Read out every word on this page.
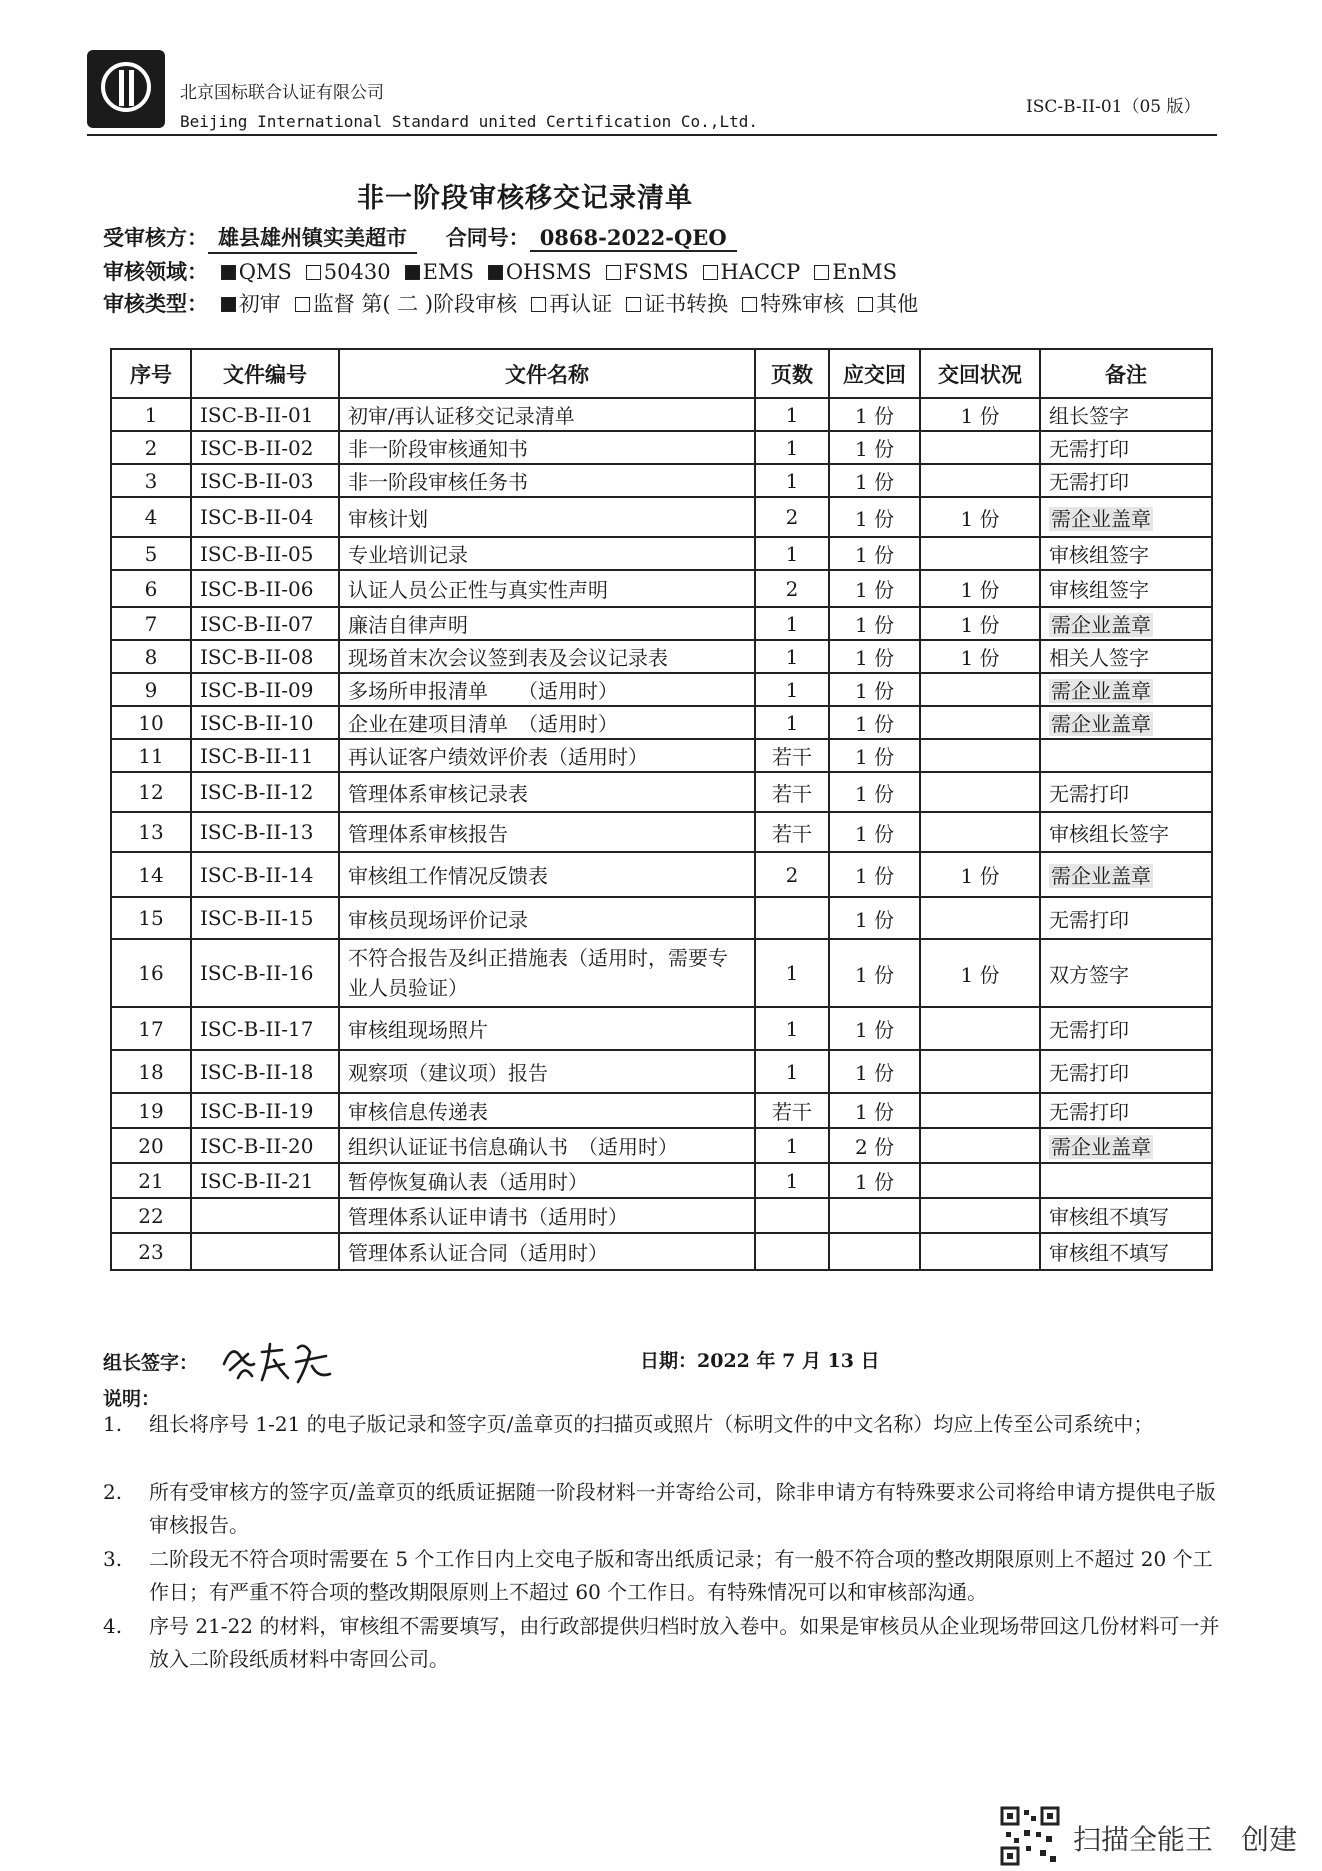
北京国标联合认证有限公司
Beijing International Standard united Certification Co.,Ltd.
ISC-B-II-01（05 版）
非一阶段审核移交记录清单
受审核方： 雄县雄州镇实美超市 合同号： 0868-2022-QEO
审核领域： QMS 50430 EMS OHSMS FSMS HACCP EnMS
审核类型： 初审 监督 第( 二 )阶段审核 再认证 证书转换 特殊审核 其他
序号	文件编号	文件名称	页数	应交回	交回状况	备注
1	ISC-B-II-01	初审/再认证移交记录清单	1	1 份	1 份	组长签字
2	ISC-B-II-02	非一阶段审核通知书	1	1 份		无需打印
3	ISC-B-II-03	非一阶段审核任务书	1	1 份		无需打印
4	ISC-B-II-04	审核计划	2	1 份	1 份	需企业盖章
5	ISC-B-II-05	专业培训记录	1	1 份		审核组签字
6	ISC-B-II-06	认证人员公正性与真实性声明	2	1 份	1 份	审核组签字
7	ISC-B-II-07	廉洁自律声明	1	1 份	1 份	需企业盖章
8	ISC-B-II-08	现场首末次会议签到表及会议记录表	1	1 份	1 份	相关人签字
9	ISC-B-II-09	多场所申报清单　　（适用时）	1	1 份		需企业盖章
10	ISC-B-II-10	企业在建项目清单　（适用时）	1	1 份		需企业盖章
11	ISC-B-II-11	再认证客户绩效评价表（适用时）	若干	1 份		
12	ISC-B-II-12	管理体系审核记录表	若干	1 份		无需打印
13	ISC-B-II-13	管理体系审核报告	若干	1 份		审核组长签字
14	ISC-B-II-14	审核组工作情况反馈表	2	1 份	1 份	需企业盖章
15	ISC-B-II-15	审核员现场评价记录		1 份		无需打印
16	ISC-B-II-16	不符合报告及纠正措施表（适用时，需要专业人员验证）	1	1 份	1 份	双方签字
17	ISC-B-II-17	审核组现场照片	1	1 份		无需打印
18	ISC-B-II-18	观察项（建议项）报告	1	1 份		无需打印
19	ISC-B-II-19	审核信息传递表	若干	1 份		无需打印
20	ISC-B-II-20	组织认证证书信息确认书　（适用时）	1	2 份		需企业盖章
21	ISC-B-II-21	暂停恢复确认表（适用时）	1	1 份		
22		管理体系认证申请书（适用时）				审核组不填写
23		管理体系认证合同（适用时）				审核组不填写
组长签字：	日期：2022 年 7 月 13 日
说明：
1. 组长将序号 1-21 的电子版记录和签字页/盖章页的扫描页或照片（标明文件的中文名称）均应上传至公司系统中；
2. 所有受审核方的签字页/盖章页的纸质证据随一阶段材料一并寄给公司，除非申请方有特殊要求公司将给申请方提供电子版审核报告。
3. 二阶段无不符合项时需要在 5 个工作日内上交电子版和寄出纸质记录；有一般不符合项的整改期限原则上不超过 20 个工作日；有严重不符合项的整改期限原则上不超过 60 个工作日。有特殊情况可以和审核部沟通。
4. 序号 21-22 的材料，审核组不需要填写，由行政部提供归档时放入卷中。如果是审核员从企业现场带回这几份材料可一并放入二阶段纸质材料中寄回公司。
扫描全能王　创建
